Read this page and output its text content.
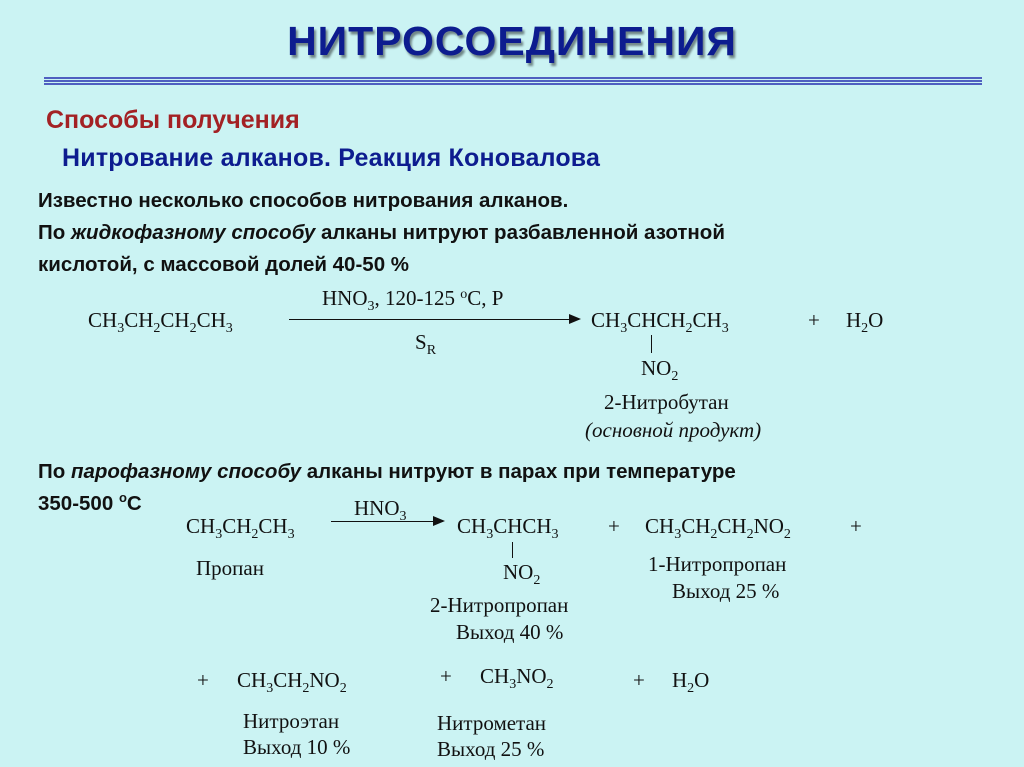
НИТРОСОЕДИНЕНИЯ
Способы получения
Нитрование алканов. Реакция Коновалова
Известно несколько способов нитрования алканов.
По жидкофазному способу алканы нитруют разбавленной азотной
кислотой, с массовой долей 40-50 %
$CH_3CH_2CH_2CH_3$
$HNO_3$, 120-125 $^o$C, P
$S_R$
$CH_3CHCH_2CH_3$	+ $H_2O$
$NO_2$
2-Нитробутан
(основной продукт)
По парофазному способу алканы нитруют в парах при температуре
350-500 $^o$C
$CH_3CH_2CH_3$
Пропан
$HNO_3$ $CH_3CHCH_3$
$NO_2$
2-Нитропропан
Выход 40 %
+ $CH_3CH_2CH_2NO_2$	+
1-Нитропропан
Выход 25 %
+ $CH_3CH_2NO_2$
Нитроэтан
Выход 10 %
+ $CH_3NO_2$
Нитрометан
Выход 25 %
+ $H_2O$
